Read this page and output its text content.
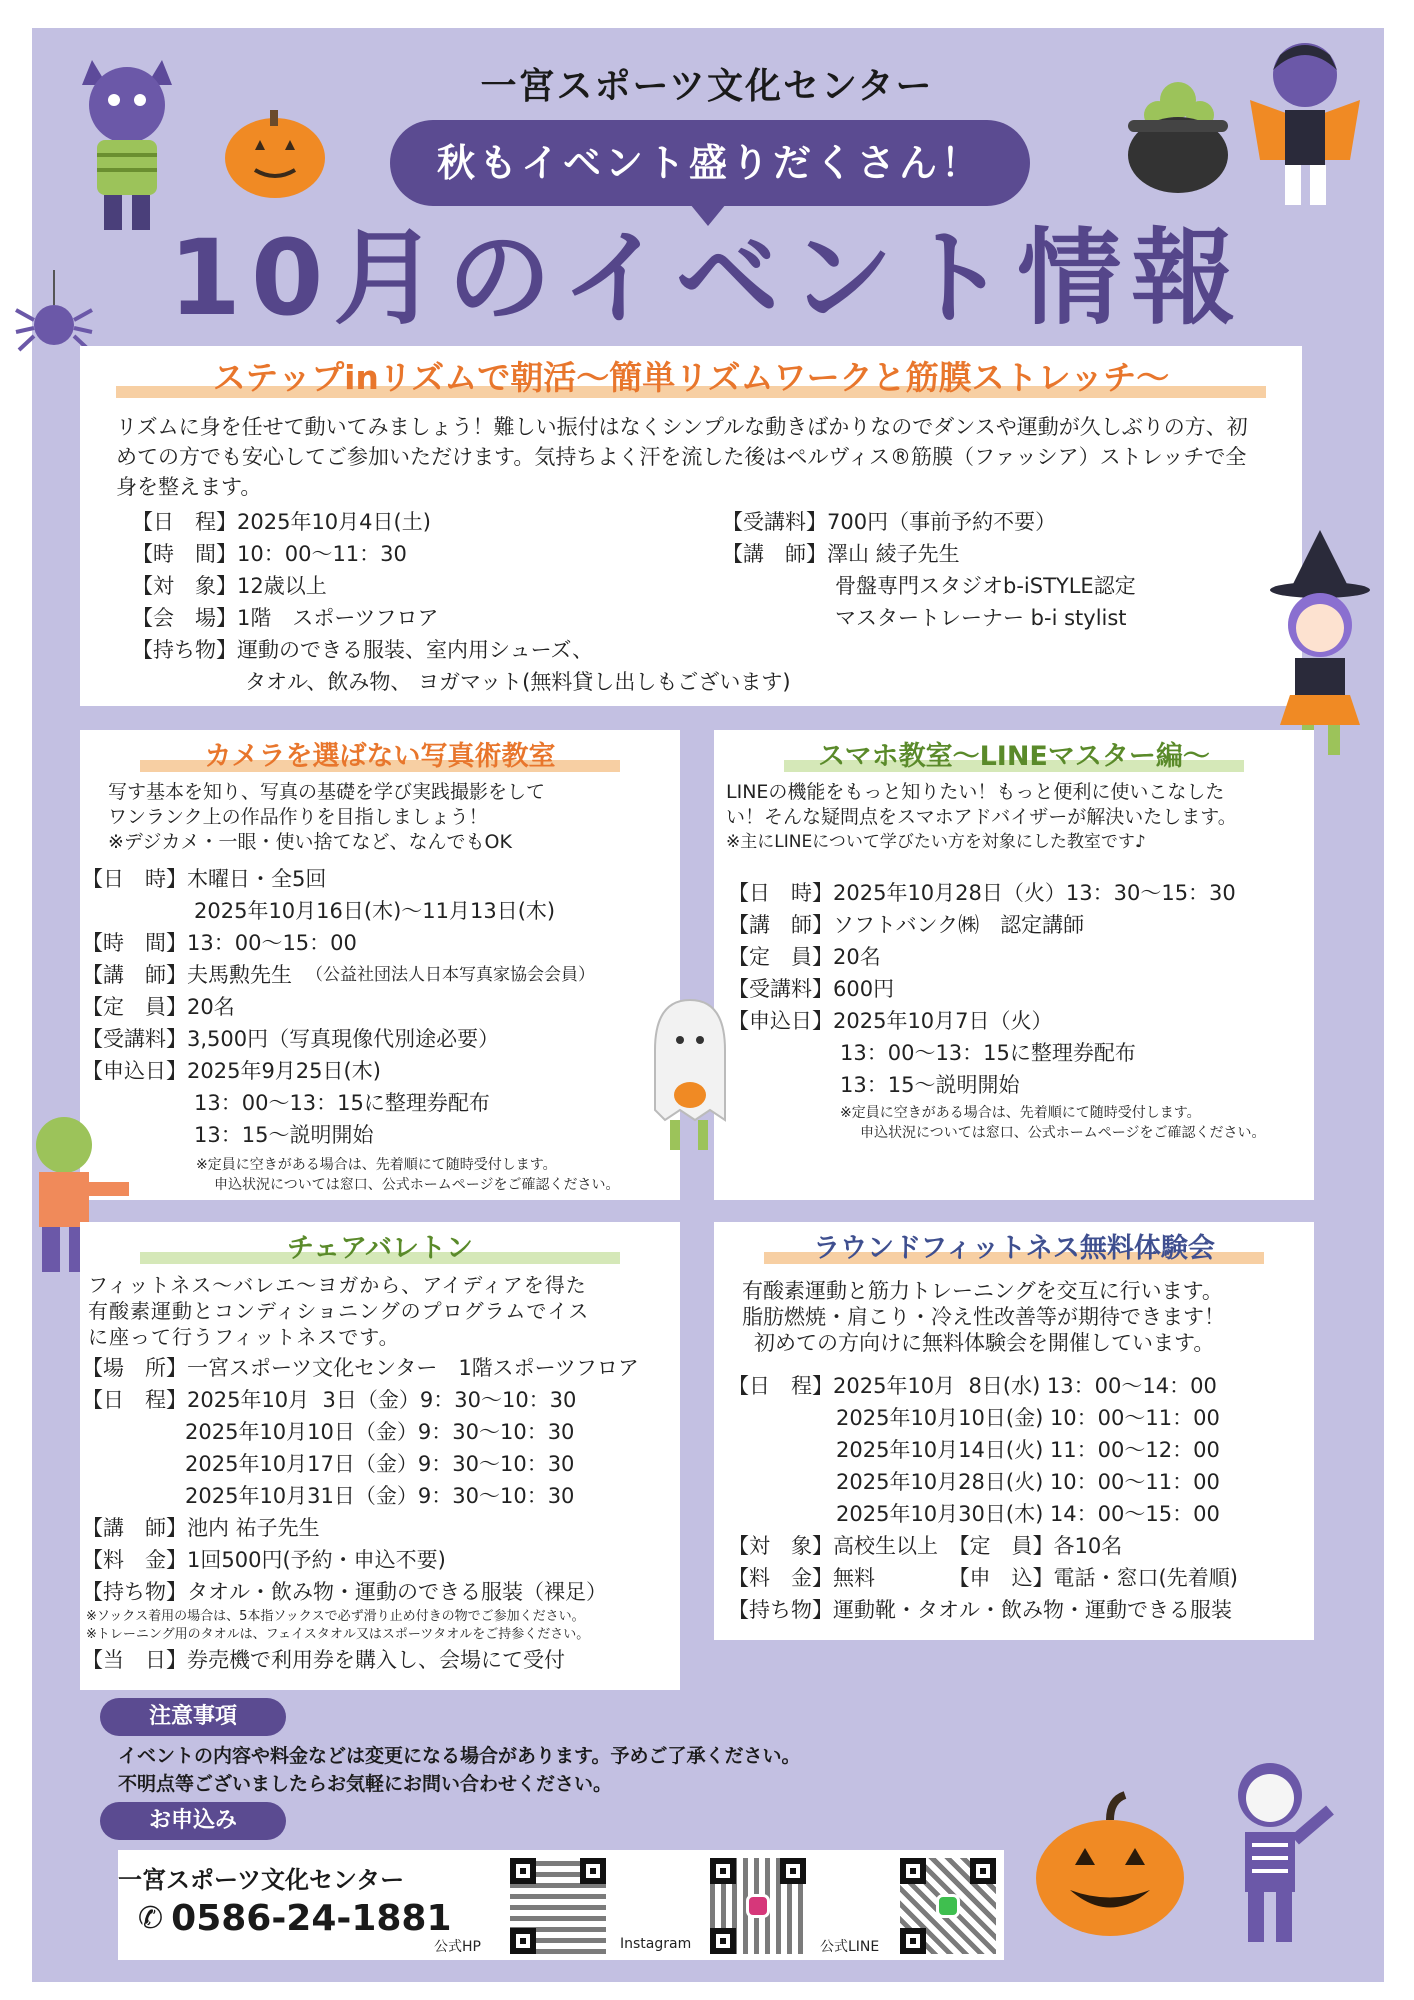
一宮スポーツ文化センター
秋もイベント盛りだくさん！
10月のイベント情報
ステップinリズムで朝活～簡単リズムワークと筋膜ストレッチ～
リズムに身を任せて動いてみましょう！難しい振付はなくシンプルな動きばかりなのでダンスや運動が久しぶりの方、初めての方でも安心してご参加いただけます。気持ちよく汗を流した後はペルヴィス®筋膜（ファッシア）ストレッチで全身を整えます。
【日　程】 2025年10月4日(土)
【時　間】 10：00～11：30
【対　象】 12歳以上
【会　場】 1階　スポーツフロア
【持ち物】 運動のできる服装、室内用シューズ、
タオル、飲み物、 ヨガマット(無料貸し出しもございます)
【受講料】 700円（事前予約不要）
【講　師】 澤山 綾子先生
骨盤専門スタジオb-iSTYLE認定
マスタートレーナー b-i stylist
カメラを選ばない写真術教室
写す基本を知り、写真の基礎を学び実践撮影をして
ワンランク上の作品作りを目指しましょう！
※デジカメ・一眼・使い捨てなど、なんでもOK
【日　時】 木曜日・全5回
2025年10月16日(木)～11月13日(木)
【時　間】 13：00～15：00
【講　師】 夫馬勲先生 （公益社団法人日本写真家協会会員）
【定　員】 20名
【受講料】 3,500円（写真現像代別途必要）
【申込日】 2025年9月25日(木)
13：00～13：15に整理券配布
13：15～説明開始
※定員に空きがある場合は、先着順にて随時受付します。
申込状況については窓口、公式ホームページをご確認ください。
スマホ教室～LINEマスター編～
LINEの機能をもっと知りたい！もっと便利に使いこなした
い！そんな疑問点をスマホアドバイザーが解決いたします。
※主にLINEについて学びたい方を対象にした教室です♪
【日　時】 2025年10月28日（火）13：30～15：30
【講　師】 ソフトバンク㈱　認定講師
【定　員】 20名
【受講料】 600円
【申込日】 2025年10月7日（火）
13：00～13：15に整理券配布
13：15～説明開始
※定員に空きがある場合は、先着順にて随時受付します。
申込状況については窓口、公式ホームページをご確認ください。
チェアバレトン
フィットネス～バレエ～ヨガから、アイディアを得た
有酸素運動とコンディショニングのプログラムでイス
に座って行うフィットネスです。
【場　所】 一宮スポーツ文化センター　1階スポーツフロア
【日　程】 2025年10月  3日（金）9：30～10：30
2025年10月10日（金）9：30～10：30
2025年10月17日（金）9：30～10：30
2025年10月31日（金）9：30～10：30
【講　師】 池内 祐子先生
【料　金】 1回500円(予約・申込不要)
【持ち物】 タオル・飲み物・運動のできる服装（裸足）
※ソックス着用の場合は、5本指ソックスで必ず滑り止め付きの物でご参加ください。
※トレーニング用のタオルは、フェイスタオル又はスポーツタオルをご持参ください。
【当　日】 券売機で利用券を購入し、会場にて受付
ラウンドフィットネス無料体験会
有酸素運動と筋力トレーニングを交互に行います。
脂肪燃焼・肩こり・冷え性改善等が期待できます！
初めての方向けに無料体験会を開催しています。
【日　程】 2025年10月  8日(水) 13：00～14：00
2025年10月10日(金) 10：00～11：00
2025年10月14日(火) 11：00～12：00
2025年10月28日(火) 10：00～11：00
2025年10月30日(木) 14：00～15：00
【対　象】 高校生以上　【定　員】各10名
【料　金】 無料　　　　【申　込】電話・窓口(先着順)
【持ち物】 運動靴・タオル・飲み物・運動できる服装
注意事項
イベントの内容や料金などは変更になる場合があります。予めご了承ください。
不明点等ございましたらお気軽にお問い合わせください。
お申込み
一宮スポーツ文化センター
✆ 0586-24-1881
公式HP	Instagram	公式LINE
